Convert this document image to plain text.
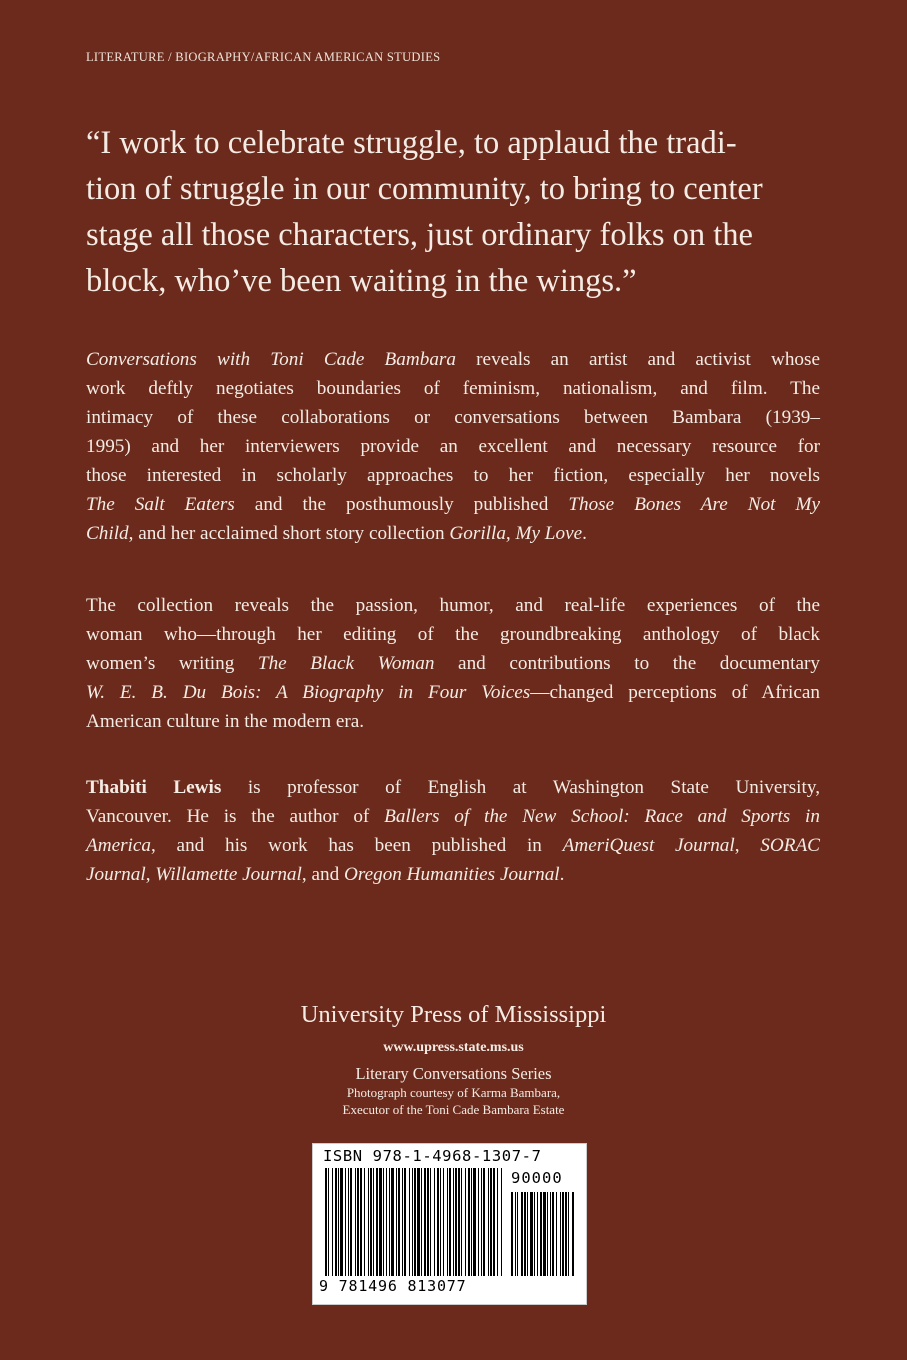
LITERATURE / BIOGRAPHY/AFRICAN AMERICAN STUDIES
“I work to celebrate struggle, to applaud the tradi-
tion of struggle in our community, to bring to center
stage all those characters, just ordinary folks on the
block, who’ve been waiting in the wings.”
Conversations with Toni Cade Bambara reveals an artist and activist whose
work deftly negotiates boundaries of feminism, nationalism, and film. The
intimacy of these collaborations or conversations between Bambara (1939–
1995) and her interviewers provide an excellent and necessary resource for
those interested in scholarly approaches to her fiction, especially her novels
The Salt Eaters and the posthumously published Those Bones Are Not My
Child, and her acclaimed short story collection Gorilla, My Love.
The collection reveals the passion, humor, and real-life experiences of the
woman who—through her editing of the groundbreaking anthology of black
women’s writing The Black Woman and contributions to the documentary
W. E. B. Du Bois: A Biography in Four Voices—changed perceptions of African
American culture in the modern era.
Thabiti Lewis is professor of English at Washington State University,
Vancouver. He is the author of Ballers of the New School: Race and Sports in
America, and his work has been published in AmeriQuest Journal, SORAC
Journal, Willamette Journal, and Oregon Humanities Journal.
University Press of Mississippi
www.upress.state.ms.us
Literary Conversations Series
Photograph courtesy of Karma Bambara,
Executor of the Toni Cade Bambara Estate
ISBN 978-1-4968-1307-7
90000
9 781496 813077
